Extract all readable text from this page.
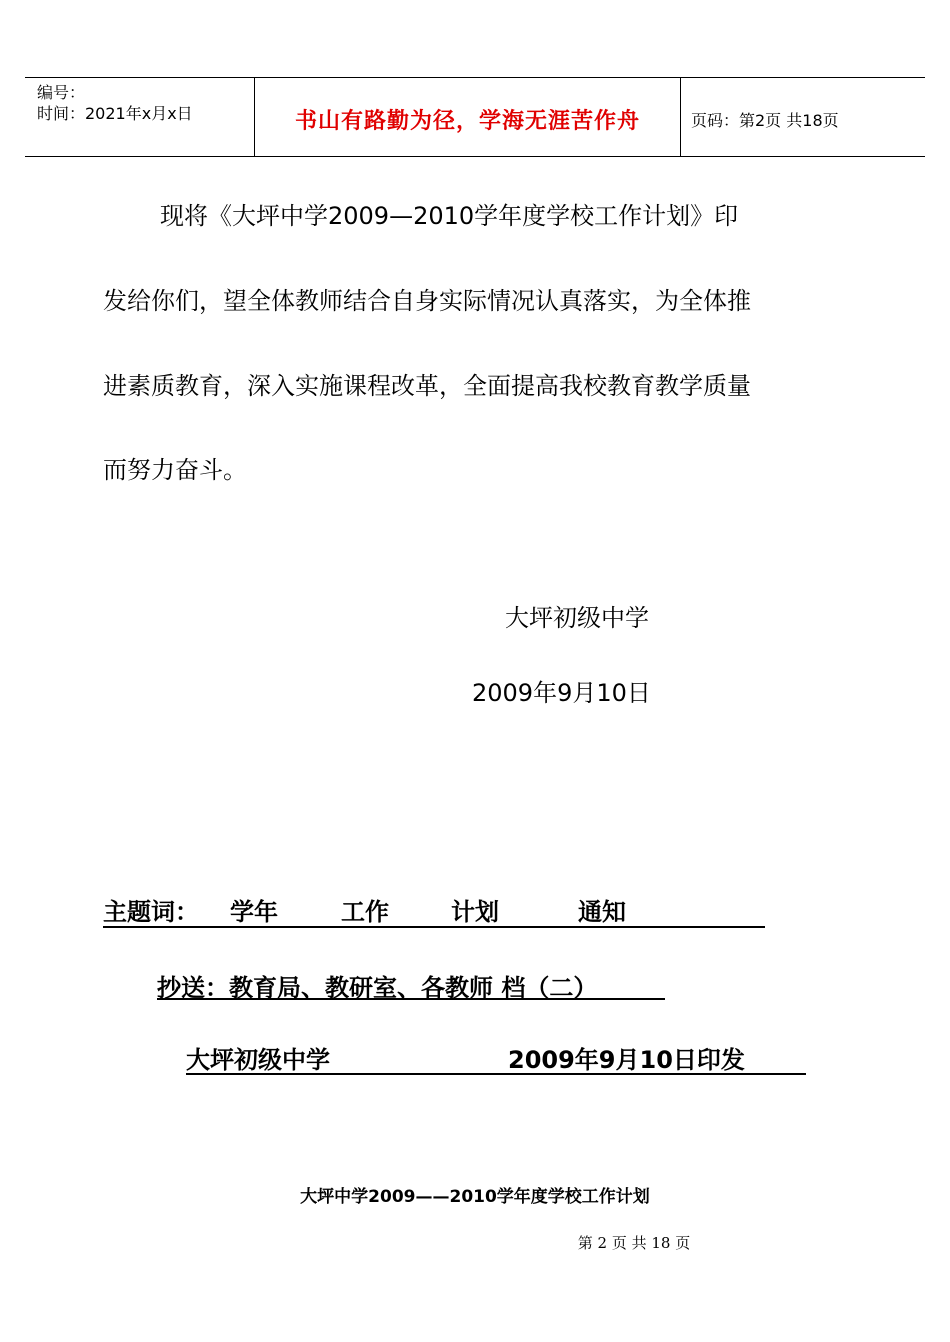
编号：
时间：2021年x月x日	书山有路勤为径，学海无涯苦作舟	页码：第2页 共18页
现将《大坪中学2009—2010学年度学校工作计划》印
发给你们，望全体教师结合自身实际情况认真落实，为全体推
进素质教育，深入实施课程改革，全面提高我校教育教学质量
而努力奋斗。
大坪初级中学
2009年9月10日
主题词： 学年	工作	计划	通知
抄送：教育局、教研室、各教师 档（二）
大坪初级中学	2009年9月10日印发
大坪中学2009——2010学年度学校工作计划
第 2 页 共 18 页
